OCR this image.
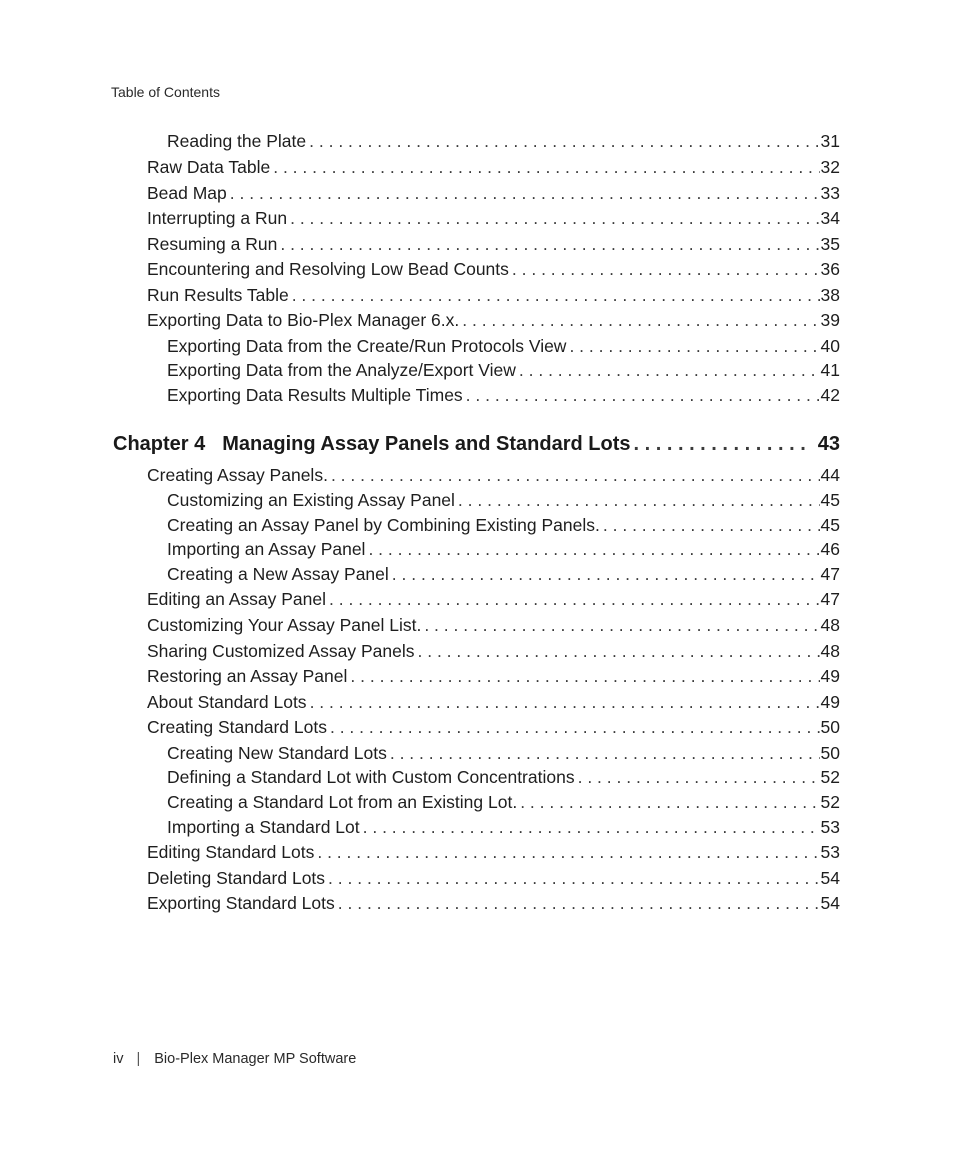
Table of Contents
Reading the Plate . . .	31
Raw Data Table . . .	32
Bead Map . . .	33
Interrupting a Run . . .	34
Resuming a Run . . .	35
Encountering and Resolving Low Bead Counts . . .	36
Run Results Table . . .	38
Exporting Data to Bio-Plex Manager 6.x. . . .	39
Exporting Data from the Create/Run Protocols View . . .	40
Exporting Data from the Analyze/Export View . . .	41
Exporting Data Results Multiple Times . . .	42
Chapter 4 Managing Assay Panels and Standard Lots . . .	43
Creating Assay Panels. . . .	44
Customizing an Existing Assay Panel . . .	45
Creating an Assay Panel by Combining Existing Panels. . . .	45
Importing an Assay Panel . . .	46
Creating a New Assay Panel . . .	47
Editing an Assay Panel . . .	47
Customizing Your Assay Panel List. . . .	48
Sharing Customized Assay Panels . . .	48
Restoring an Assay Panel . . .	49
About Standard Lots . . .	49
Creating Standard Lots . . .	50
Creating New Standard Lots . . .	50
Defining a Standard Lot with Custom Concentrations . . .	52
Creating a Standard Lot from an Existing Lot. . . .	52
Importing a Standard Lot . . .	53
Editing Standard Lots . . .	53
Deleting Standard Lots . . .	54
Exporting Standard Lots . . .	54
iv | Bio-Plex Manager MP Software
